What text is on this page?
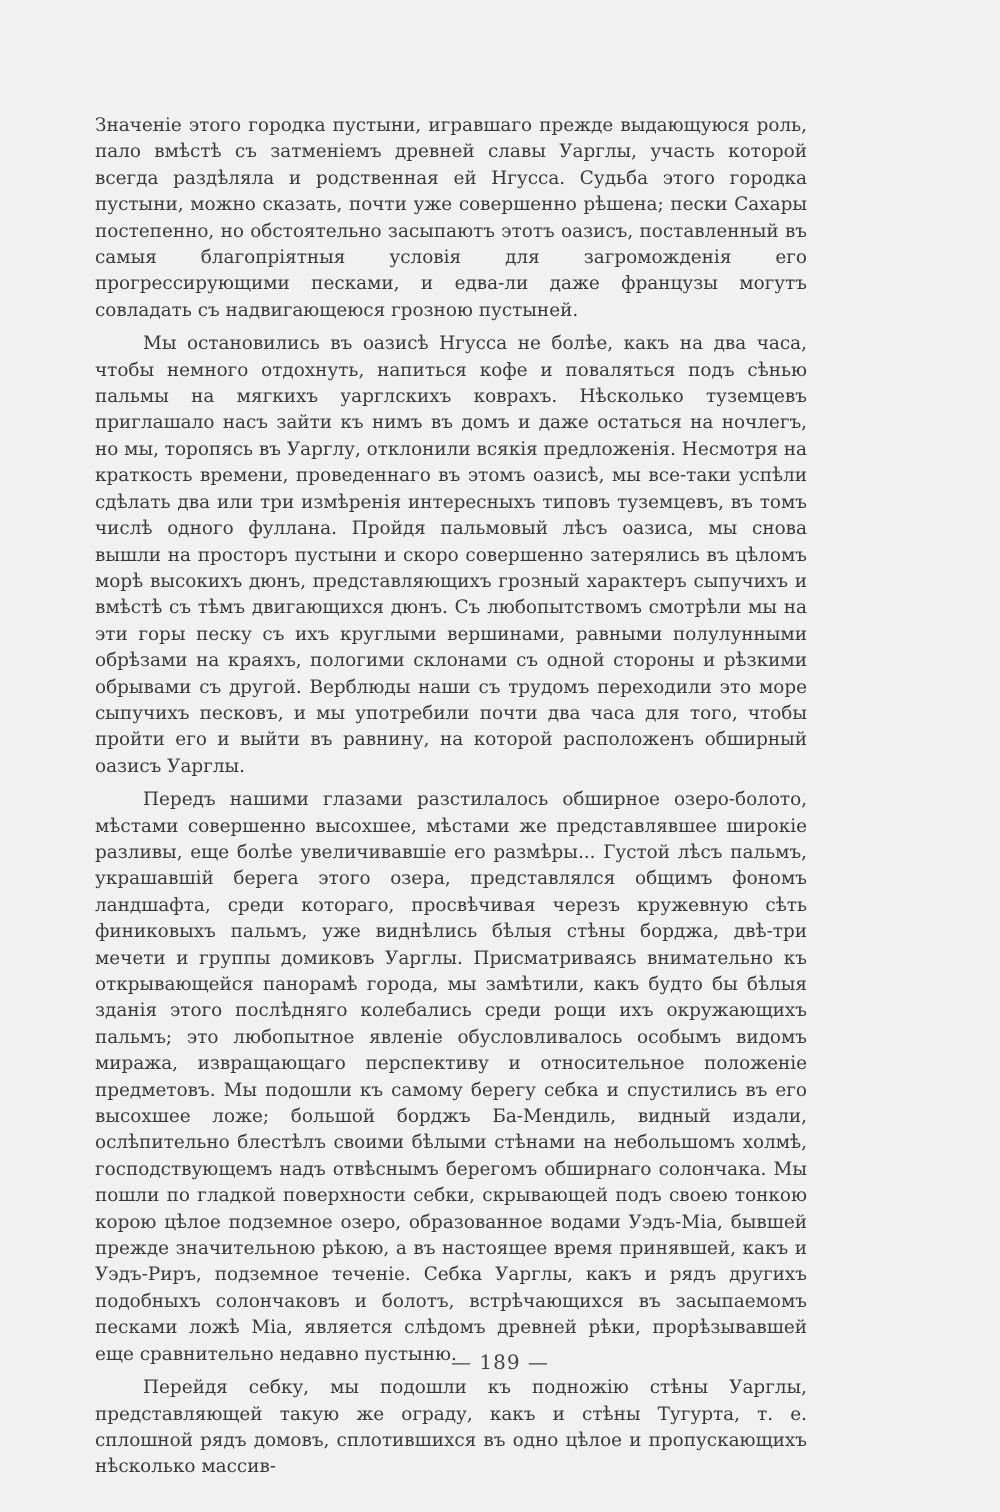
Значенiе этого городка пустыни, игравшаго прежде выдающуюся роль, пало вмѣстѣ съ затменiемъ древней славы Уарглы, участь которой всегда раздѣляла и родственная ей Нгусса. Судьба этого городка пустыни, можно сказать, почти уже совершенно рѣшена; пески Сахары постепенно, но обстоятельно засыпаютъ этотъ оазисъ, поставленный въ самыя благопрiятныя условiя для загроможденiя его прогрессирующими песками, и едва-ли даже французы могутъ совладать съ надвигающеюся грозною пустыней.

Мы остановились въ оазисѣ Нгусса не болѣе, какъ на два часа, чтобы немного отдохнуть, напиться кофе и поваляться подъ сѣнью пальмы на мягкихъ уарглскихъ коврахъ. Нѣсколько туземцевъ приглашало насъ зайти къ нимъ въ домъ и даже остаться на ночлегъ, но мы, торопясь въ Уарглу, отклонили всякiя предложенiя. Несмотря на краткость времени, проведеннаго въ этомъ оазисѣ, мы все-таки успѣли сдѣлать два или три измѣренiя интересныхъ типовъ туземцевъ, въ томъ числѣ одного фуллана. Пройдя пальмовый лѣсъ оазиса, мы снова вышли на просторъ пустыни и скоро совершенно затерялись въ цѣломъ морѣ высокихъ дюнъ, представляющихъ грозный характеръ сыпучихъ и вмѣстѣ съ тѣмъ двигающихся дюнъ. Съ любопытствомъ смотрѣли мы на эти горы песку съ ихъ круглыми вершинами, равными полулунными обрѣзами на краяхъ, пологими склонами съ одной стороны и рѣзкими обрывами съ другой. Верблюды наши съ трудомъ переходили это море сыпучихъ песковъ, и мы употребили почти два часа для того, чтобы пройти его и выйти въ равнину, на которой расположенъ обширный оазисъ Уарглы.

Передъ нашими глазами разстилалось обширное озеро-болото, мѣстами совершенно высохшее, мѣстами же представлявшее широкiе разливы, еще болѣе увеличивавшiе его размѣры... Густой лѣсъ пальмъ, украшавшiй берега этого озера, представлялся общимъ фономъ ландшафта, среди котораго, просвѣчивая черезъ кружевную сѣть финиковыхъ пальмъ, уже виднѣлись бѣлыя стѣны борджа, двѣ-три мечети и группы домиковъ Уарглы. Присматриваясь внимательно къ открывающейся панорамѣ города, мы замѣтили, какъ будто бы бѣлыя зданiя этого послѣдняго колебались среди рощи ихъ окружающихъ пальмъ; это любопытное явленiе обусловливалось особымъ видомъ миража, извращающаго перспективу и относительное положенiе предметовъ. Мы подошли къ самому берегу себка и спустились въ его высохшее ложе; большой борджъ Ба-Мендиль, видный издали, ослѣпительно блестѣлъ своими бѣлыми стѣнами на небольшомъ холмѣ, господствующемъ надъ отвѣснымъ берегомъ обширнаго солончака. Мы пошли по гладкой поверхности себки, скрывающей подъ своею тонкою корою цѣлое подземное озеро, образованное водами Уэдъ-Мiа, бывшей прежде значительною рѣкою, а въ настоящее время принявшей, какъ и Уэдъ-Риръ, подземное теченiе. Себка Уарглы, какъ и рядъ другихъ подобныхъ солончаковъ и болотъ, встрѣчающихся въ засыпаемомъ песками ложѣ Мiа, является слѣдомъ древней рѣки, прорѣзывавшей еще сравнительно недавно пустыню.

Перейдя себку, мы подошли къ подножiю стѣны Уарглы, представляющей такую же ограду, какъ и стѣны Тугурта, т. е. сплошной рядъ домовъ, сплотившихся въ одно цѣлое и пропускающихъ нѣсколько массив-

— 189 —
